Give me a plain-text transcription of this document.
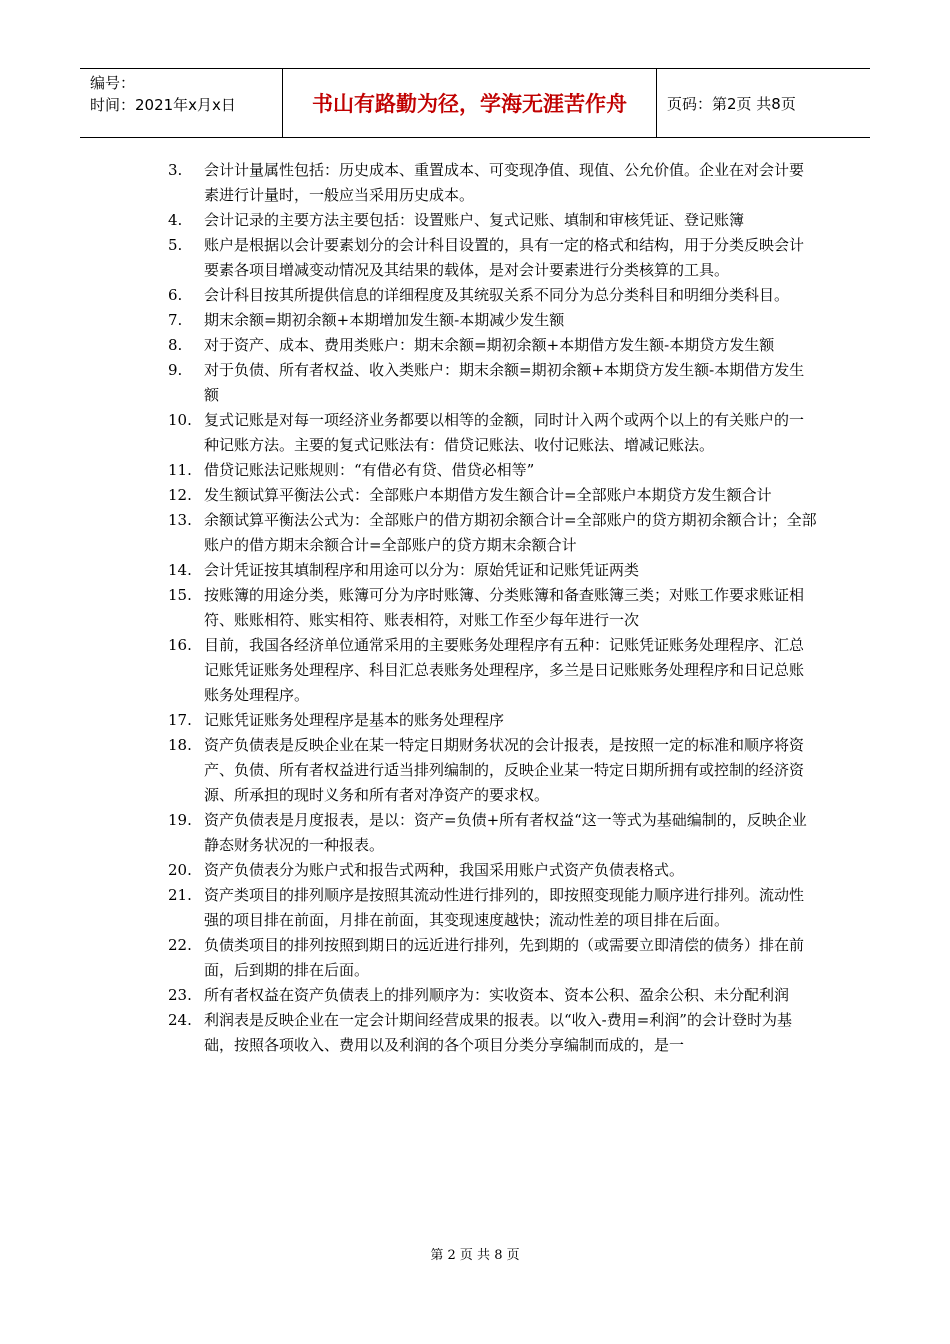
编号：
时间：2021年x月x日	书山有路勤为径，学海无涯苦作舟	页码：第2页 共8页
3.	会计计量属性包括：历史成本、重置成本、可变现净值、现值、公允价值。企业在对会计要素进行计量时，一般应当采用历史成本。
4.	会计记录的主要方法主要包括：设置账户、复式记账、填制和审核凭证、登记账簿
5.	账户是根据以会计要素划分的会计科目设置的，具有一定的格式和结构，用于分类反映会计要素各项目增减变动情况及其结果的载体，是对会计要素进行分类核算的工具。
6.	会计科目按其所提供信息的详细程度及其统驭关系不同分为总分类科目和明细分类科目。
7.	期末余额=期初余额+本期增加发生额-本期减少发生额
8.	对于资产、成本、费用类账户：期末余额=期初余额+本期借方发生额-本期贷方发生额
9.	对于负债、所有者权益、收入类账户：期末余额=期初余额+本期贷方发生额-本期借方发生额
10. 复式记账是对每一项经济业务都要以相等的金额，同时计入两个或两个以上的有关账户的一种记账方法。主要的复式记账法有：借贷记账法、收付记账法、增减记账法。
11. 借贷记账法记账规则：“有借必有贷、借贷必相等”
12. 发生额试算平衡法公式：全部账户本期借方发生额合计=全部账户本期贷方发生额合计
13. 余额试算平衡法公式为：全部账户的借方期初余额合计=全部账户的贷方期初余额合计；全部账户的借方期末余额合计=全部账户的贷方期末余额合计
14. 会计凭证按其填制程序和用途可以分为：原始凭证和记账凭证两类
15. 按账簿的用途分类，账簿可分为序时账簿、分类账簿和备查账簿三类；对账工作要求账证相符、账账相符、账实相符、账表相符，对账工作至少每年进行一次
16. 目前，我国各经济单位通常采用的主要账务处理程序有五种：记账凭证账务处理程序、汇总记账凭证账务处理程序、科目汇总表账务处理程序，多兰是日记账账务处理程序和日记总账账务处理程序。
17. 记账凭证账务处理程序是基本的账务处理程序
18. 资产负债表是反映企业在某一特定日期财务状况的会计报表，是按照一定的标准和顺序将资产、负债、所有者权益进行适当排列编制的，反映企业某一特定日期所拥有或控制的经济资源、所承担的现时义务和所有者对净资产的要求权。
19. 资产负债表是月度报表，是以：资产=负债+所有者权益“这一等式为基础编制的，反映企业静态财务状况的一种报表。
20. 资产负债表分为账户式和报告式两种，我国采用账户式资产负债表格式。
21. 资产类项目的排列顺序是按照其流动性进行排列的，即按照变现能力顺序进行排列。流动性强的项目排在前面，月排在前面，其变现速度越快；流动性差的项目排在后面。
22. 负债类项目的排列按照到期日的远近进行排列，先到期的（或需要立即清偿的债务）排在前面，后到期的排在后面。
23. 所有者权益在资产负债表上的排列顺序为：实收资本、资本公积、盈余公积、未分配利润
24. 利润表是反映企业在一定会计期间经营成果的报表。以“收入-费用=利润”的会计登时为基础，按照各项收入、费用以及利润的各个项目分类分享编制而成的，是一
第 2 页 共 8 页
